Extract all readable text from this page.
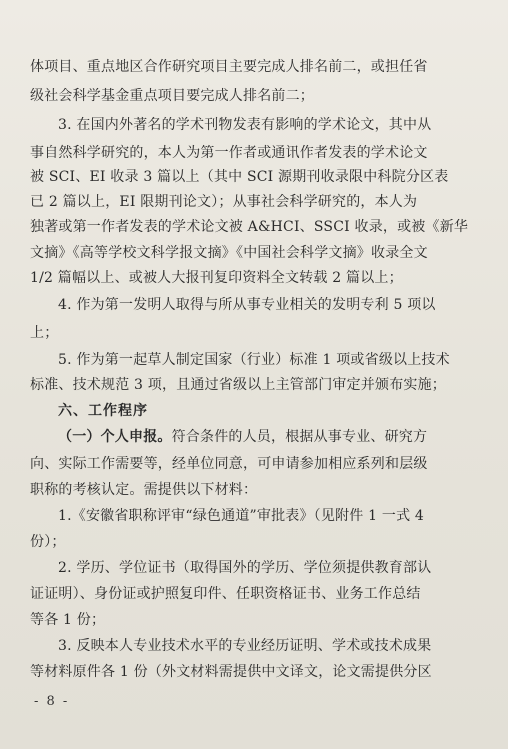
体项目、重点地区合作研究项目主要完成人排名前二，或担任省
级社会科学基金重点项目要完成人排名前二；
3. 在国内外著名的学术刊物发表有影响的学术论文，其中从
事自然科学研究的，本人为第一作者或通讯作者发表的学术论文
被 SCI、EI 收录 3 篇以上（其中 SCI 源期刊收录限中科院分区表
已 2 篇以上，EI 限期刊论文）；从事社会科学研究的，本人为
独著或第一作者发表的学术论文被 A&HCI、SSCI 收录，或被《新华
文摘》《高等学校文科学报文摘》《中国社会科学文摘》收录全文
1/2 篇幅以上、或被人大报刊复印资料全文转载 2 篇以上；
4. 作为第一发明人取得与所从事专业相关的发明专利 5 项以
上；
5. 作为第一起草人制定国家（行业）标准 1 项或省级以上技术
标准、技术规范 3 项，且通过省级以上主管部门审定并颁布实施；
六、工作程序
（一）个人申报。符合条件的人员，根据从事专业、研究方
向、实际工作需要等，经单位同意，可申请参加相应系列和层级
职称的考核认定。需提供以下材料：
1.《安徽省职称评审“绿色通道”审批表》（见附件 1 一式 4
份）；
2. 学历、学位证书（取得国外的学历、学位须提供教育部认
证证明）、身份证或护照复印件、任职资格证书、业务工作总结
等各 1 份；
3. 反映本人专业技术水平的专业经历证明、学术或技术成果
等材料原件各 1 份（外文材料需提供中文译文，论文需提供分区
- 8 -
